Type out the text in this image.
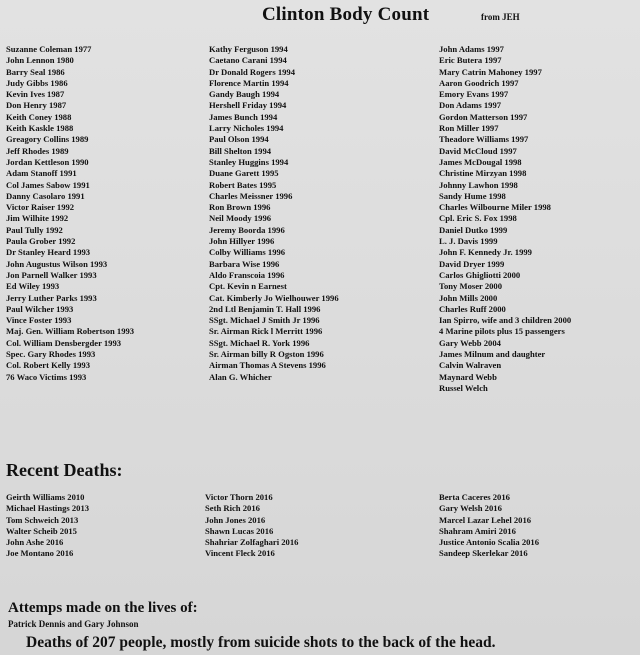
Clinton Body Count	from JEH
Suzanne Coleman 1977
John Lennon 1980
Barry Seal 1986
Judy Gibbs 1986
Kevin Ives 1987
Don Henry 1987
Keith Coney 1988
Keith Kaskle 1988
Greagory Collins 1989
Jeff Rhodes 1989
Jordan Kettleson 1990
Adam Stanoff 1991
Col James Sabow 1991
Danny Casolaro 1991
Victor Raiser 1992
Jim Wilhite 1992
Paul Tully 1992
Paula Grober 1992
Dr Stanley Heard 1993
John Augustus Wilson 1993
Jon Parnell Walker 1993
Ed Wiley 1993
Jerry Luther Parks 1993
Paul Wilcher 1993
Vince Foster 1993
Maj. Gen. William Robertson 1993
Col. William Densbergder 1993
Spec. Gary Rhodes 1993
Col. Robert Kelly 1993
76 Waco Victims 1993
Kathy Ferguson 1994
Caetano Carani 1994
Dr Donald Rogers 1994
Florence Martin 1994
Gandy Baugh 1994
Hershell Friday 1994
James Bunch 1994
Larry Nicholes 1994
Paul Olson 1994
Bill Shelton 1994
Stanley Huggins 1994
Duane Garett 1995
Robert Bates 1995
Charles Meissner 1996
Ron Brown 1996
Neil Moody 1996
Jeremy Boorda 1996
John Hillyer 1996
Colby Williams 1996
Barbara Wise 1996
Aldo Franscoia 1996
Cpt. Kevin n Earnest
Cat. Kimberly Jo Wielhouwer 1996
2nd Ltl Benjamin T. Hall 1996
SSgt. Michael J Smith Jr 1996
Sr. Airman Rick l Merritt 1996
SSgt. Michael R. York 1996
Sr. Airman billy R Ogston 1996
Airman Thomas A Stevens 1996
Alan G. Whicher
John Adams 1997
Eric Butera 1997
Mary Catrin Mahoney 1997
Aaron Goodrich 1997
Emory Evans 1997
Don Adams 1997
Gordon Matterson 1997
Ron Miller 1997
Theadore Williams 1997
David McCloud 1997
James McDougal 1998
Christine Mirzyan 1998
Johnny Lawhon 1998
Sandy Hume 1998
Charles Wilbourne Miler 1998
Cpl. Eric S. Fox 1998
Daniel Dutko 1999
L. J. Davis 1999
John F. Kennedy Jr. 1999
David Dryer 1999
Carlos Ghigliotti 2000
Tony Moser 2000
John Mills 2000
Charles Ruff 2000
Ian Spirro, wife and 3 children 2000
4 Marine pilots plus 15 passengers
Gary Webb 2004
James Milnum and daughter
Calvin Walraven
Maynard Webb
Russel Welch
Recent Deaths:
Geirth Williams 2010
Michael Hastings 2013
Tom Schweich 2013
Walter Scheib 2015
John Ashe 2016
Joe Montano 2016
Victor Thorn 2016
Seth Rich 2016
John Jones 2016
Shawn Lucas 2016
Shahriar Zolfaghari 2016
Vincent Fleck 2016
Berta Caceres 2016
Gary Welsh 2016
Marcel Lazar Lehel 2016
Shahram Amiri 2016
Justice Antonio Scalia 2016
Sandeep Skerlekar 2016
Attemps made on the lives of:
Patrick Dennis and Gary Johnson
Deaths of 207 people, mostly from suicide shots to the back of the head.
